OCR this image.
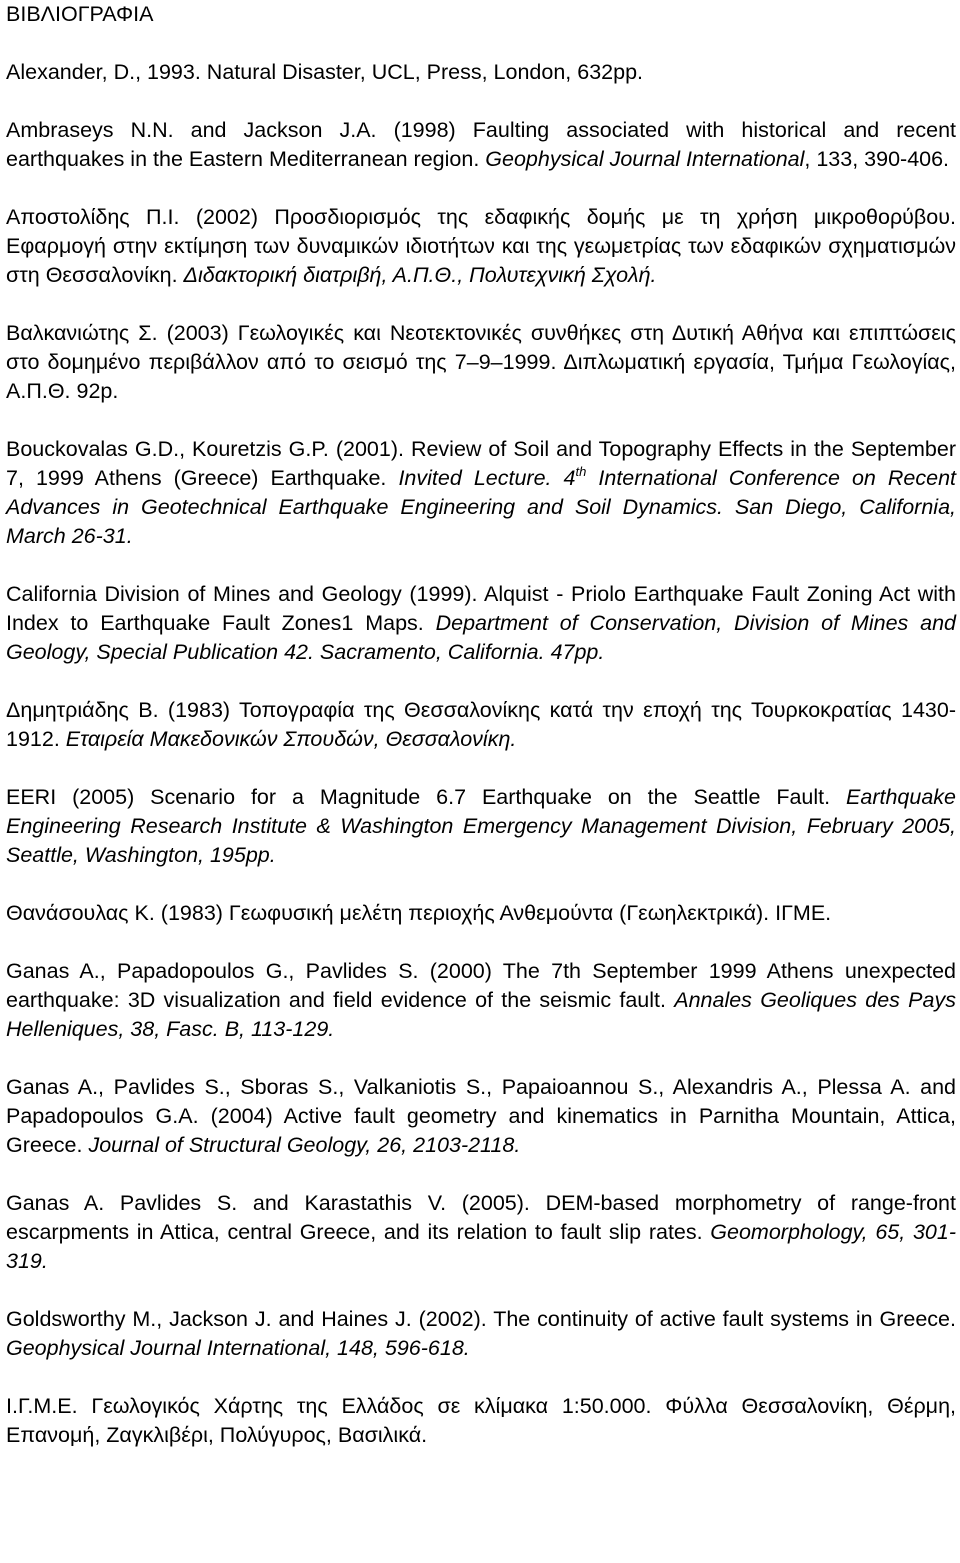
ΒΙΒΛΙΟΓΡΑΦΙΑ
Alexander, D., 1993. Natural Disaster, UCL, Press, London, 632pp.
Ambraseys N.N. and Jackson J.A. (1998) Faulting associated with historical and recent earthquakes in the Eastern Mediterranean region. Geophysical Journal International, 133, 390-406.
Αποστολίδης Π.Ι. (2002) Προσδιορισμός της εδαφικής δομής με τη χρήση μικροθορύβου. Εφαρμογή στην εκτίμηση των δυναμικών ιδιοτήτων και της γεωμετρίας των εδαφικών σχηματισμών στη Θεσσαλονίκη. Διδακτορική διατριβή, Α.Π.Θ., Πολυτεχνική Σχολή.
Βαλκανιώτης Σ. (2003) Γεωλογικές και Νεοτεκτονικές συνθήκες στη Δυτική Αθήνα και επιπτώσεις στο δομημένο περιβάλλον από το σεισμό της 7–9–1999. Διπλωματική εργασία, Τμήμα Γεωλογίας, Α.Π.Θ. 92p.
Bouckovalas G.D., Kouretzis G.P. (2001). Review of Soil and Topography Effects in the September 7, 1999 Athens (Greece) Earthquake. Invited Lecture. 4th International Conference on Recent Advances in Geotechnical Earthquake Engineering and Soil Dynamics. San Diego, California, March 26-31.
California Division of Mines and Geology (1999). Alquist - Priolo Earthquake Fault Zoning Act with Index to Earthquake Fault Zones1 Maps. Department of Conservation, Division of Mines and Geology, Special Publication 42. Sacramento, California. 47pp.
Δημητριάδης Β. (1983) Τοπογραφία της Θεσσαλονίκης κατά την εποχή της Τουρκοκρατίας 1430-1912. Εταιρεία Μακεδονικών Σπουδών, Θεσσαλονίκη.
EERI (2005) Scenario for a Magnitude 6.7 Earthquake on the Seattle Fault. Earthquake Engineering Research Institute & Washington Emergency Management Division, February 2005, Seattle, Washington, 195pp.
Θανάσουλας Κ. (1983) Γεωφυσική μελέτη περιοχής Ανθεμούντα (Γεωηλεκτρικά). ΙΓΜΕ.
Ganas A., Papadopoulos G., Pavlides S. (2000) The 7th September 1999 Athens unexpected earthquake: 3D visualization and field evidence of the seismic fault. Annales Geoliques des Pays Helleniques, 38, Fasc. B, 113-129.
Ganas A., Pavlides S., Sboras S., Valkaniotis S., Papaioannou S., Alexandris A., Plessa A. and Papadopoulos G.A. (2004) Active fault geometry and kinematics in Parnitha Mountain, Attica, Greece. Journal of Structural Geology, 26, 2103-2118.
Ganas A. Pavlides S. and Karastathis V. (2005). DEM-based morphometry of range-front escarpments in Attica, central Greece, and its relation to fault slip rates. Geomorphology, 65, 301-319.
Goldsworthy M., Jackson J. and Haines J. (2002). The continuity of active fault systems in Greece. Geophysical Journal International, 148, 596-618.
Ι.Γ.Μ.Ε. Γεωλογικός Χάρτης της Ελλάδος σε κλίμακα 1:50.000. Φύλλα Θεσσαλονίκη, Θέρμη, Επανομή, Ζαγκλιβέρι, Πολύγυρος, Βασιλικά.
